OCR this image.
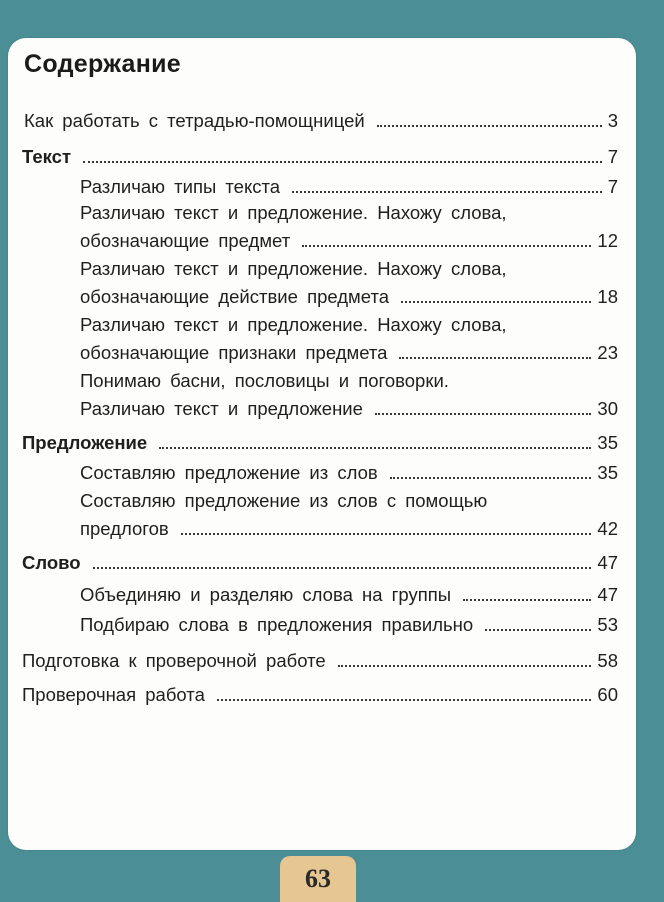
Содержание
Как работать с тетрадью-помощницей	3
Текст	7
Различаю типы текста	7
Различаю текст и предложение. Нахожу слова,
обозначающие предмет	12
Различаю текст и предложение. Нахожу слова,
обозначающие действие предмета	18
Различаю текст и предложение. Нахожу слова,
обозначающие признаки предмета	23
Понимаю басни, пословицы и поговорки.
Различаю текст и предложение	30
Предложение	35
Составляю предложение из слов	35
Составляю предложение из слов с помощью
предлогов	42
Слово	47
Объединяю и разделяю слова на группы	47
Подбираю слова в предложения правильно	53
Подготовка к проверочной работе	58
Проверочная работа	60
63
